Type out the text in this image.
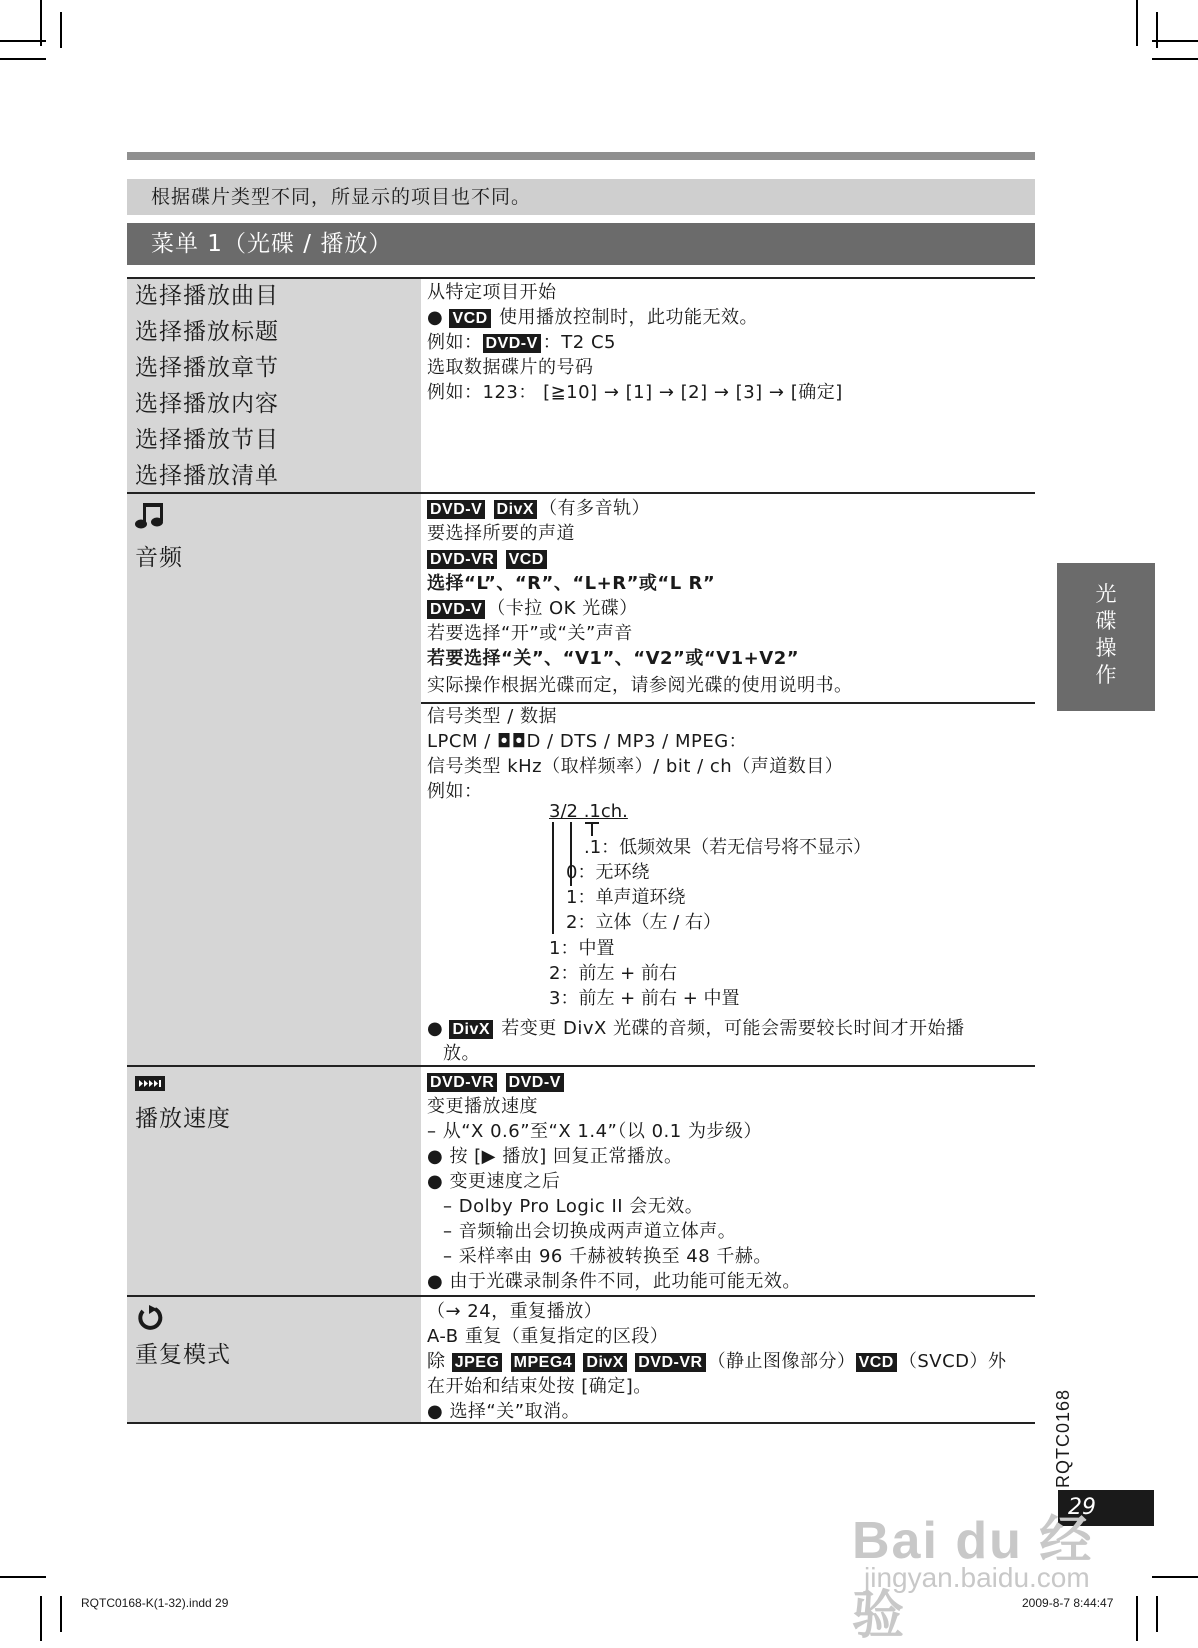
根据碟片类型不同，所显示的项目也不同。
菜单 1（光碟 / 播放）
选择播放曲目
选择播放标题
选择播放章节
选择播放内容
选择播放节目
选择播放清单
从特定项目开始
● VCD 使用播放控制时，此功能无效。
例如： DVD-V ：T2 C5
选取数据碟片的号码
例如：123： [≧10] → [1] → [2] → [3] → [确定]
音频
DVD-V DivX （有多音轨）
要选择所要的声道
DVD-VR VCD
选择“L”、“R”、“L+R”或“L R”
DVD-V （卡拉 OK 光碟）
若要选择“开”或“关”声音
若要选择“关”、“V1”、“V2”或“V1+V2”
实际操作根据光碟而定，请参阅光碟的使用说明书。
信号类型 / 数据
LPCM / ◘◘D / DTS / MP3 / MPEG：
信号类型 kHz（取样频率）/ bit / ch（声道数目）
例如：
3/2 .1ch.
.1：低频效果（若无信号将不显示）
0：无环绕
1：单声道环绕
2：立体（左 / 右）
1：中置
2：前左 + 前右
3：前左 + 前右 + 中置
● DivX 若变更 DivX 光碟的音频，可能会需要较长时间才开始播
放。
播放速度
DVD-VR DVD-V
变更播放速度
– 从“X 0.6”至“X 1.4”（以 0.1 为步级）
● 按 [▶ 播放] 回复正常播放。
● 变更速度之后
– Dolby Pro Logic II 会无效。
– 音频输出会切换成两声道立体声。
– 采样率由 96 千赫被转换至 48 千赫。
● 由于光碟录制条件不同，此功能可能无效。
重复模式
（→ 24，重复播放）
A-B 重复（重复指定的区段）
除 JPEG MPEG4 DivX DVD-VR （静止图像部分） VCD （SVCD）外
在开始和结束处按 [确定]。
● 选择“关”取消。
光
碟
操
作
RQTC0168
29
Bai du 经验
jingyan.baidu.com
RQTC0168-K(1-32).indd 29	2009-8-7 8:44:47
